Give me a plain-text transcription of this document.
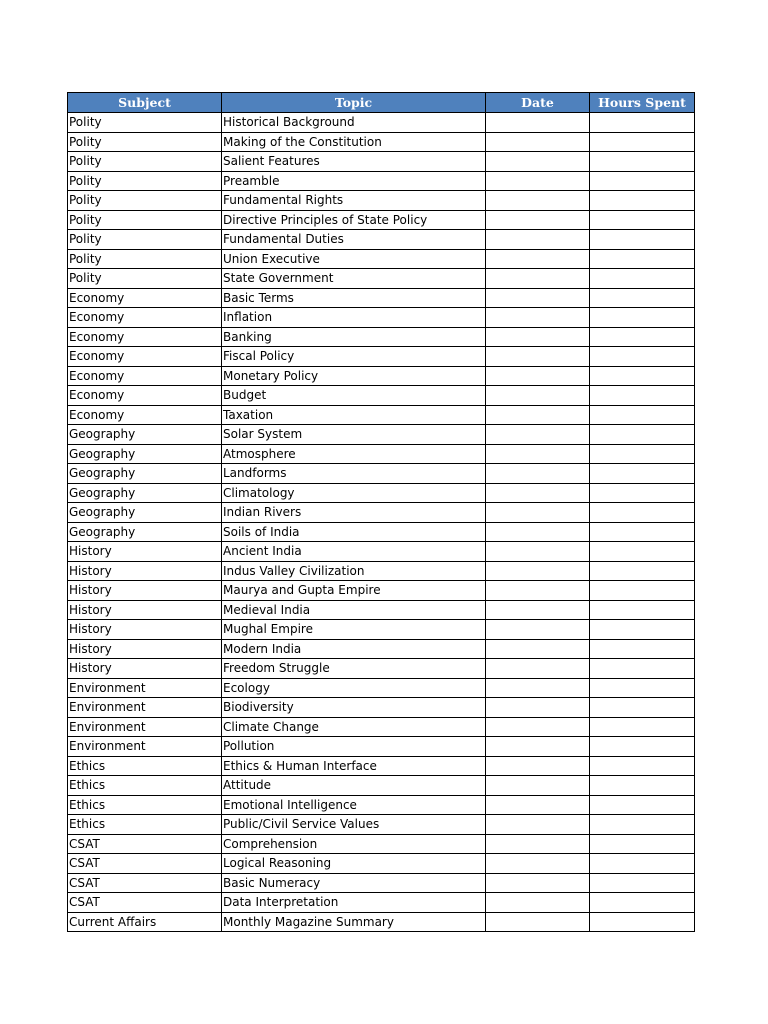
Subject	Topic	Date	Hours Spent
Polity	Historical Background		
Polity	Making of the Constitution		
Polity	Salient Features		
Polity	Preamble		
Polity	Fundamental Rights		
Polity	Directive Principles of State Policy		
Polity	Fundamental Duties		
Polity	Union Executive		
Polity	State Government		
Economy	Basic Terms		
Economy	Inflation		
Economy	Banking		
Economy	Fiscal Policy		
Economy	Monetary Policy		
Economy	Budget		
Economy	Taxation		
Geography	Solar System		
Geography	Atmosphere		
Geography	Landforms		
Geography	Climatology		
Geography	Indian Rivers		
Geography	Soils of India		
History	Ancient India		
History	Indus Valley Civilization		
History	Maurya and Gupta Empire		
History	Medieval India		
History	Mughal Empire		
History	Modern India		
History	Freedom Struggle		
Environment	Ecology		
Environment	Biodiversity		
Environment	Climate Change		
Environment	Pollution		
Ethics	Ethics & Human Interface		
Ethics	Attitude		
Ethics	Emotional Intelligence		
Ethics	Public/Civil Service Values		
CSAT	Comprehension		
CSAT	Logical Reasoning		
CSAT	Basic Numeracy		
CSAT	Data Interpretation		
Current Affairs	Monthly Magazine Summary		
